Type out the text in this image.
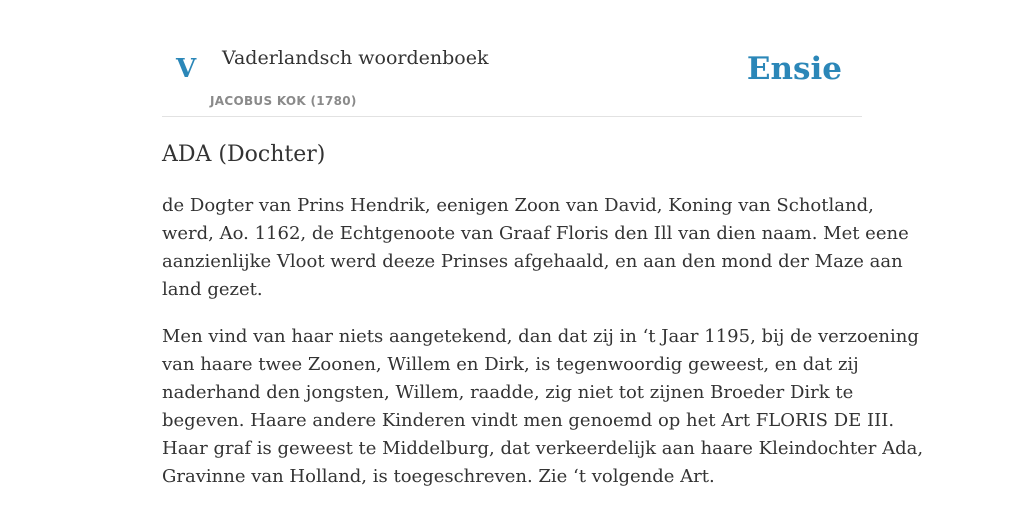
V Vaderlandsch woordenboek
JACOBUS KOK (1780)
Ensie
ADA (Dochter)

de Dogter van Prins Hendrik, eenigen Zoon van David, Koning van Schotland,
werd, Ao. 1162, de Echtgenoote van Graaf Floris den Ill van dien naam. Met eene
aanzienlijke Vloot werd deeze Prinses afgehaald, en aan den mond der Maze aan
land gezet.

Men vind van haar niets aangetekend, dan dat zij in ‘t Jaar 1195, bij de verzoening
van haare twee Zoonen, Willem en Dirk, is tegenwoordig geweest, en dat zij
naderhand den jongsten, Willem, raadde, zig niet tot zijnen Broeder Dirk te
begeven. Haare andere Kinderen vindt men genoemd op het Art FLORIS DE III.
Haar graf is geweest te Middelburg, dat verkeerdelijk aan haare Kleindochter Ada,
Gravinne van Holland, is toegeschreven. Zie ‘t volgende Art.
